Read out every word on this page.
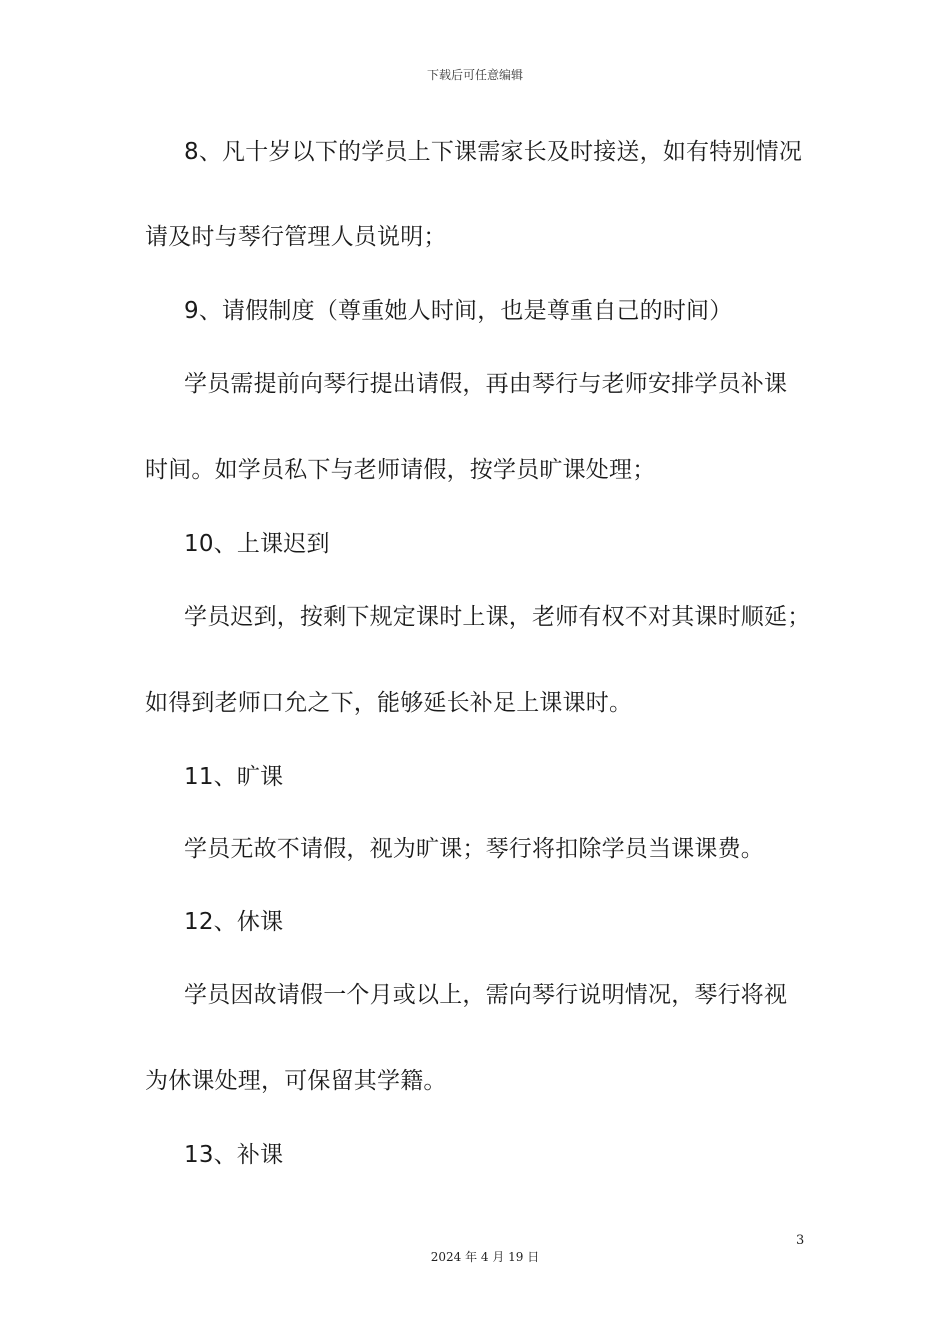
下载后可任意编辑
8、凡十岁以下的学员上下课需家长及时接送，如有特别情况
请及时与琴行管理人员说明；
9、请假制度（尊重她人时间，也是尊重自己的时间）
学员需提前向琴行提出请假，再由琴行与老师安排学员补课
时间。如学员私下与老师请假，按学员旷课处理；
10、上课迟到
学员迟到，按剩下规定课时上课，老师有权不对其课时顺延；
如得到老师口允之下，能够延长补足上课课时。
11、旷课
学员无故不请假，视为旷课；琴行将扣除学员当课课费。
12、休课
学员因故请假一个月或以上，需向琴行说明情况，琴行将视
为休课处理，可保留其学籍。
13、补课
3
2024 年 4 月 19 日
